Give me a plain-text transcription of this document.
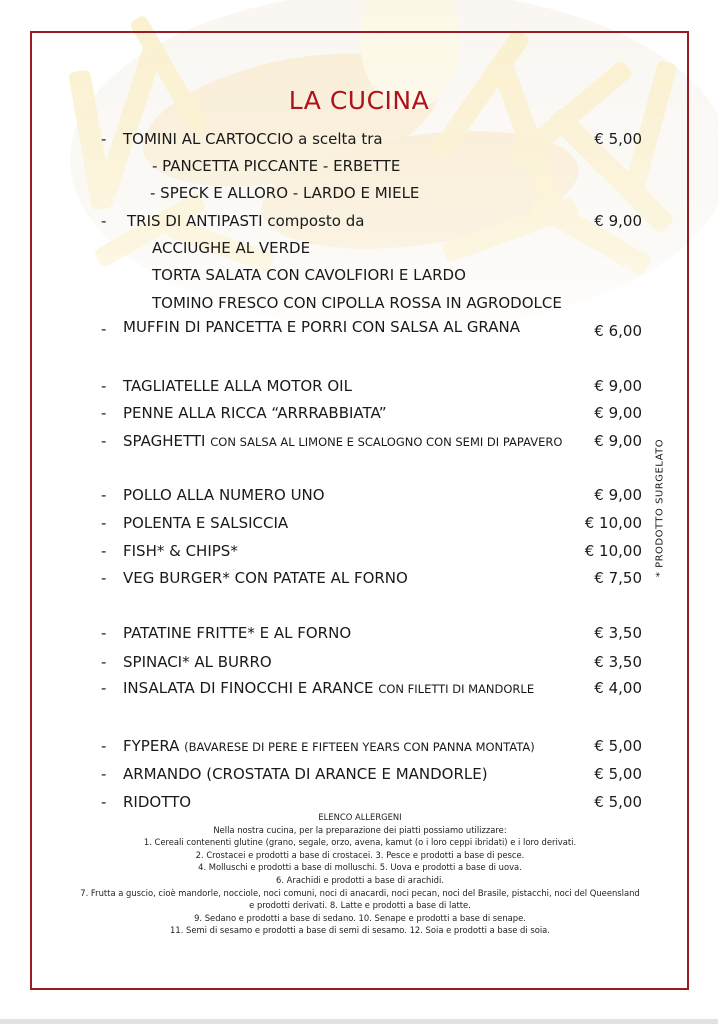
LA CUCINA
- TOMINI AL CARTOCCIO a scelta tra	€ 5,00
- PANCETTA PICCANTE - ERBETTE
- SPECK E ALLORO - LARDO E MIELE
- TRIS DI ANTIPASTI composto da	€ 9,00
ACCIUGHE AL VERDE
TORTA SALATA CON CAVOLFIORI E LARDO
TOMINO FRESCO CON CIPOLLA ROSSA IN AGRODOLCE
- MUFFIN DI PANCETTA E PORRI CON SALSA AL GRANA	€ 6,00
- TAGLIATELLE ALLA MOTOR OIL	€ 9,00
- PENNE ALLA RICCA “ARRRABBIATA”	€ 9,00
- SPAGHETTI CON SALSA AL LIMONE E SCALOGNO CON SEMI DI PAPAVERO € 9,00
- POLLO ALLA NUMERO UNO	€ 9,00
- POLENTA E SALSICCIA	€ 10,00
- FISH* & CHIPS*	€ 10,00
- VEG BURGER* CON PATATE AL FORNO	€ 7,50
- PATATINE FRITTE* E AL FORNO	€ 3,50
- SPINACI* AL BURRO	€ 3,50
- INSALATA DI FINOCCHI E ARANCE CON FILETTI DI MANDORLE	€ 4,00
- FYPERA (BAVARESE DI PERE E FIFTEEN YEARS CON PANNA MONTATA)	€ 5,00
- ARMANDO (CROSTATA DI ARANCE E MANDORLE)	€ 5,00
- RIDOTTO	€ 5,00
* PRODOTTO SURGELATO
ELENCO ALLERGENI
Nella nostra cucina, per la preparazione dei piatti possiamo utilizzare:
1. Cereali contenenti glutine (grano, segale, orzo, avena, kamut (o i loro ceppi ibridati) e i loro derivati.
2. Crostacei e prodotti a base di crostacei. 3. Pesce e prodotti a base di pesce.
4. Molluschi e prodotti a base di molluschi. 5. Uova e prodotti a base di uova.
6. Arachidi e prodotti a base di arachidi.
7. Frutta a guscio, cioè mandorle, nocciole, noci comuni, noci di anacardi, noci pecan, noci del Brasile, pistacchi, noci del Queensland
e prodotti derivati. 8. Latte e prodotti a base di latte.
9. Sedano e prodotti a base di sedano. 10. Senape e prodotti a base di senape.
11. Semi di sesamo e prodotti a base di semi di sesamo. 12. Soia e prodotti a base di soia.
